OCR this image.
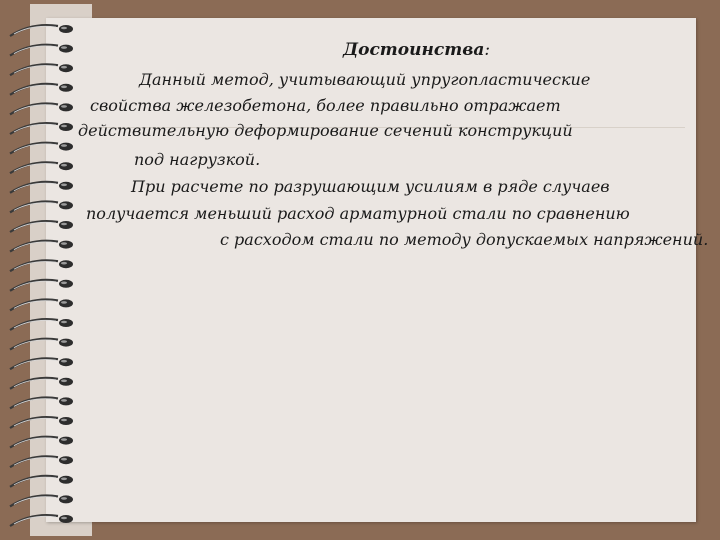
Достоинства:
Данный метод, учитывающий упругопластические
свойства железобетона, более правильно отражает
действительную деформирование сечений конструкций
под нагрузкой.
При расчете по разрушающим усилиям в ряде случаев
получается меньший расход арматурной стали по сравнению
с расходом стали по методу допускаемых напряжений.
